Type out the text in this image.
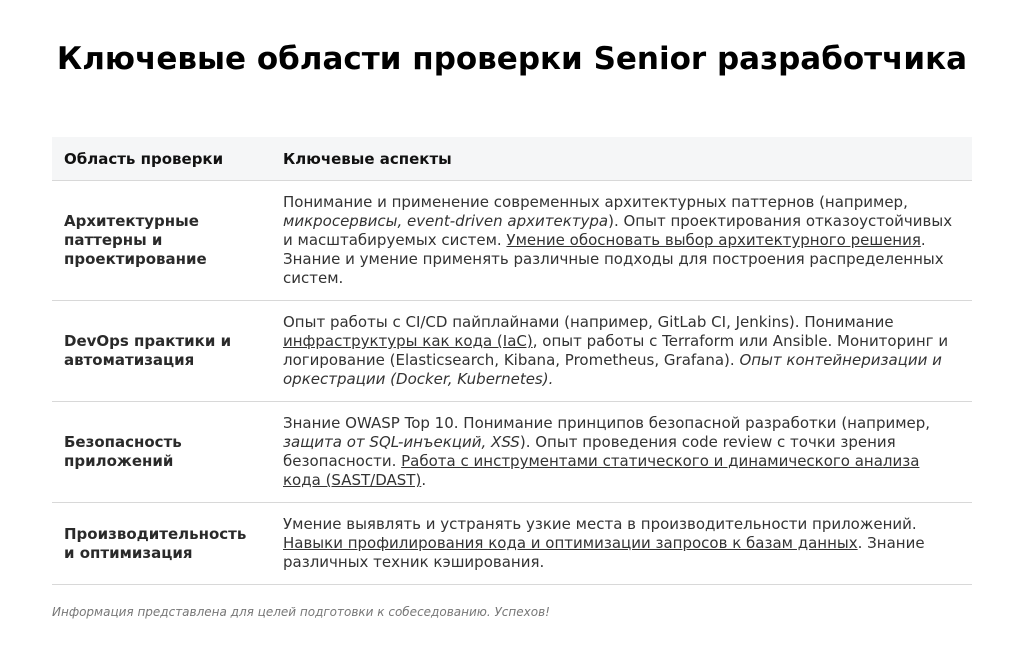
Ключевые области проверки Senior разработчика
Область проверки	Ключевые аспекты
Архитектурные паттерны и проектирование	Понимание и применение современных архитектурных паттернов (например, микросервисы, event-driven архитектура). Опыт проектирования отказоустойчивых и масштабируемых систем. Умение обосновать выбор архитектурного решения. Знание и умение применять различные подходы для построения распределенных систем.
DevOps практики и автоматизация	Опыт работы с CI/CD пайплайнами (например, GitLab CI, Jenkins). Понимание инфраструктуры как кода (IaC), опыт работы с Terraform или Ansible. Мониторинг и логирование (Elasticsearch, Kibana, Prometheus, Grafana). Опыт контейнеризации и оркестрации (Docker, Kubernetes).
Безопасность приложений	Знание OWASP Top 10. Понимание принципов безопасной разработки (например, защита от SQL-инъекций, XSS). Опыт проведения code review с точки зрения безопасности. Работа с инструментами статического и динамического анализа кода (SAST/DAST).
Производительность и оптимизация	Умение выявлять и устранять узкие места в производительности приложений. Навыки профилирования кода и оптимизации запросов к базам данных. Знание различных техник кэширования.
Информация представлена для целей подготовки к собеседованию. Успехов!
